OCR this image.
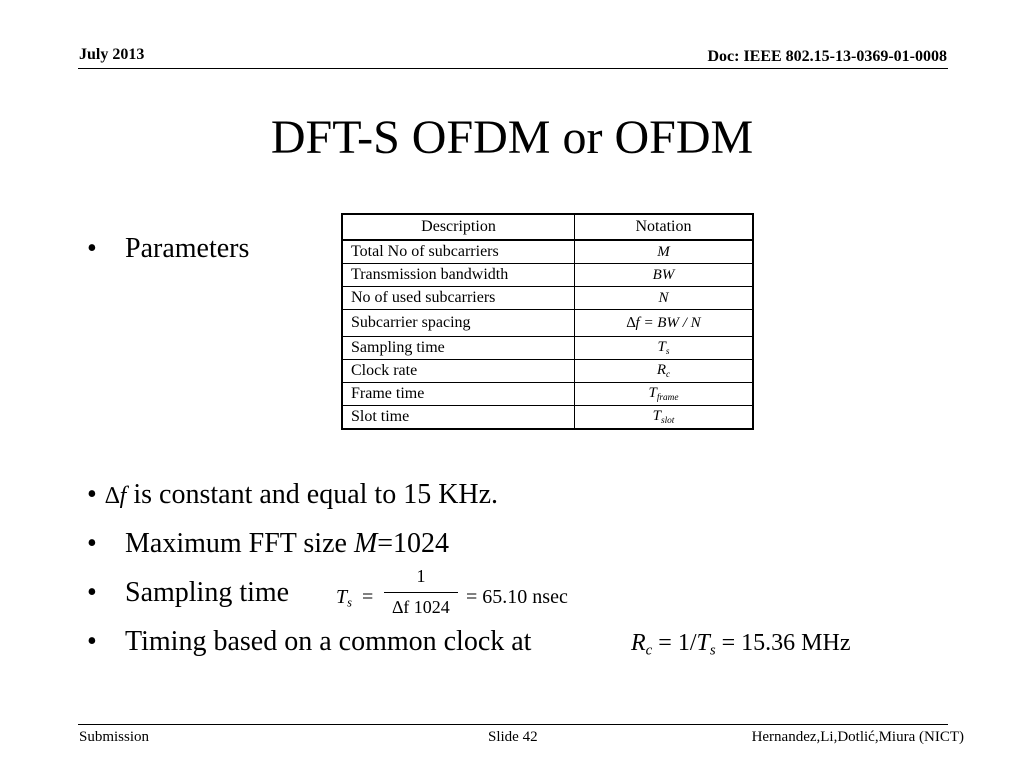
July 2013	Doc: IEEE 802.15-13-0369-01-0008
DFT-S OFDM or OFDM
• Parameters
Description	Notation
Total No of subcarriers	M
Transmission bandwidth	BW
No of used subcarriers	N
Subcarrier spacing	∆f = BW / N
Sampling time	$T_s$
Clock rate	$R_c$
Frame time	$T_{frame}$
Slot time	$T_{slot}$
• ∆f is constant and equal to 15 KHz.
• Maximum FFT size M=1024
• Sampling time $T_s$ =
1
∆f 1024 = 65.10 nsec
• Timing based on a common clock at	$R_c = 1/T_s = 15.36$ MHz
Submission	Slide 42	Hernandez,Li,Dotlić,Miura (NICT)
